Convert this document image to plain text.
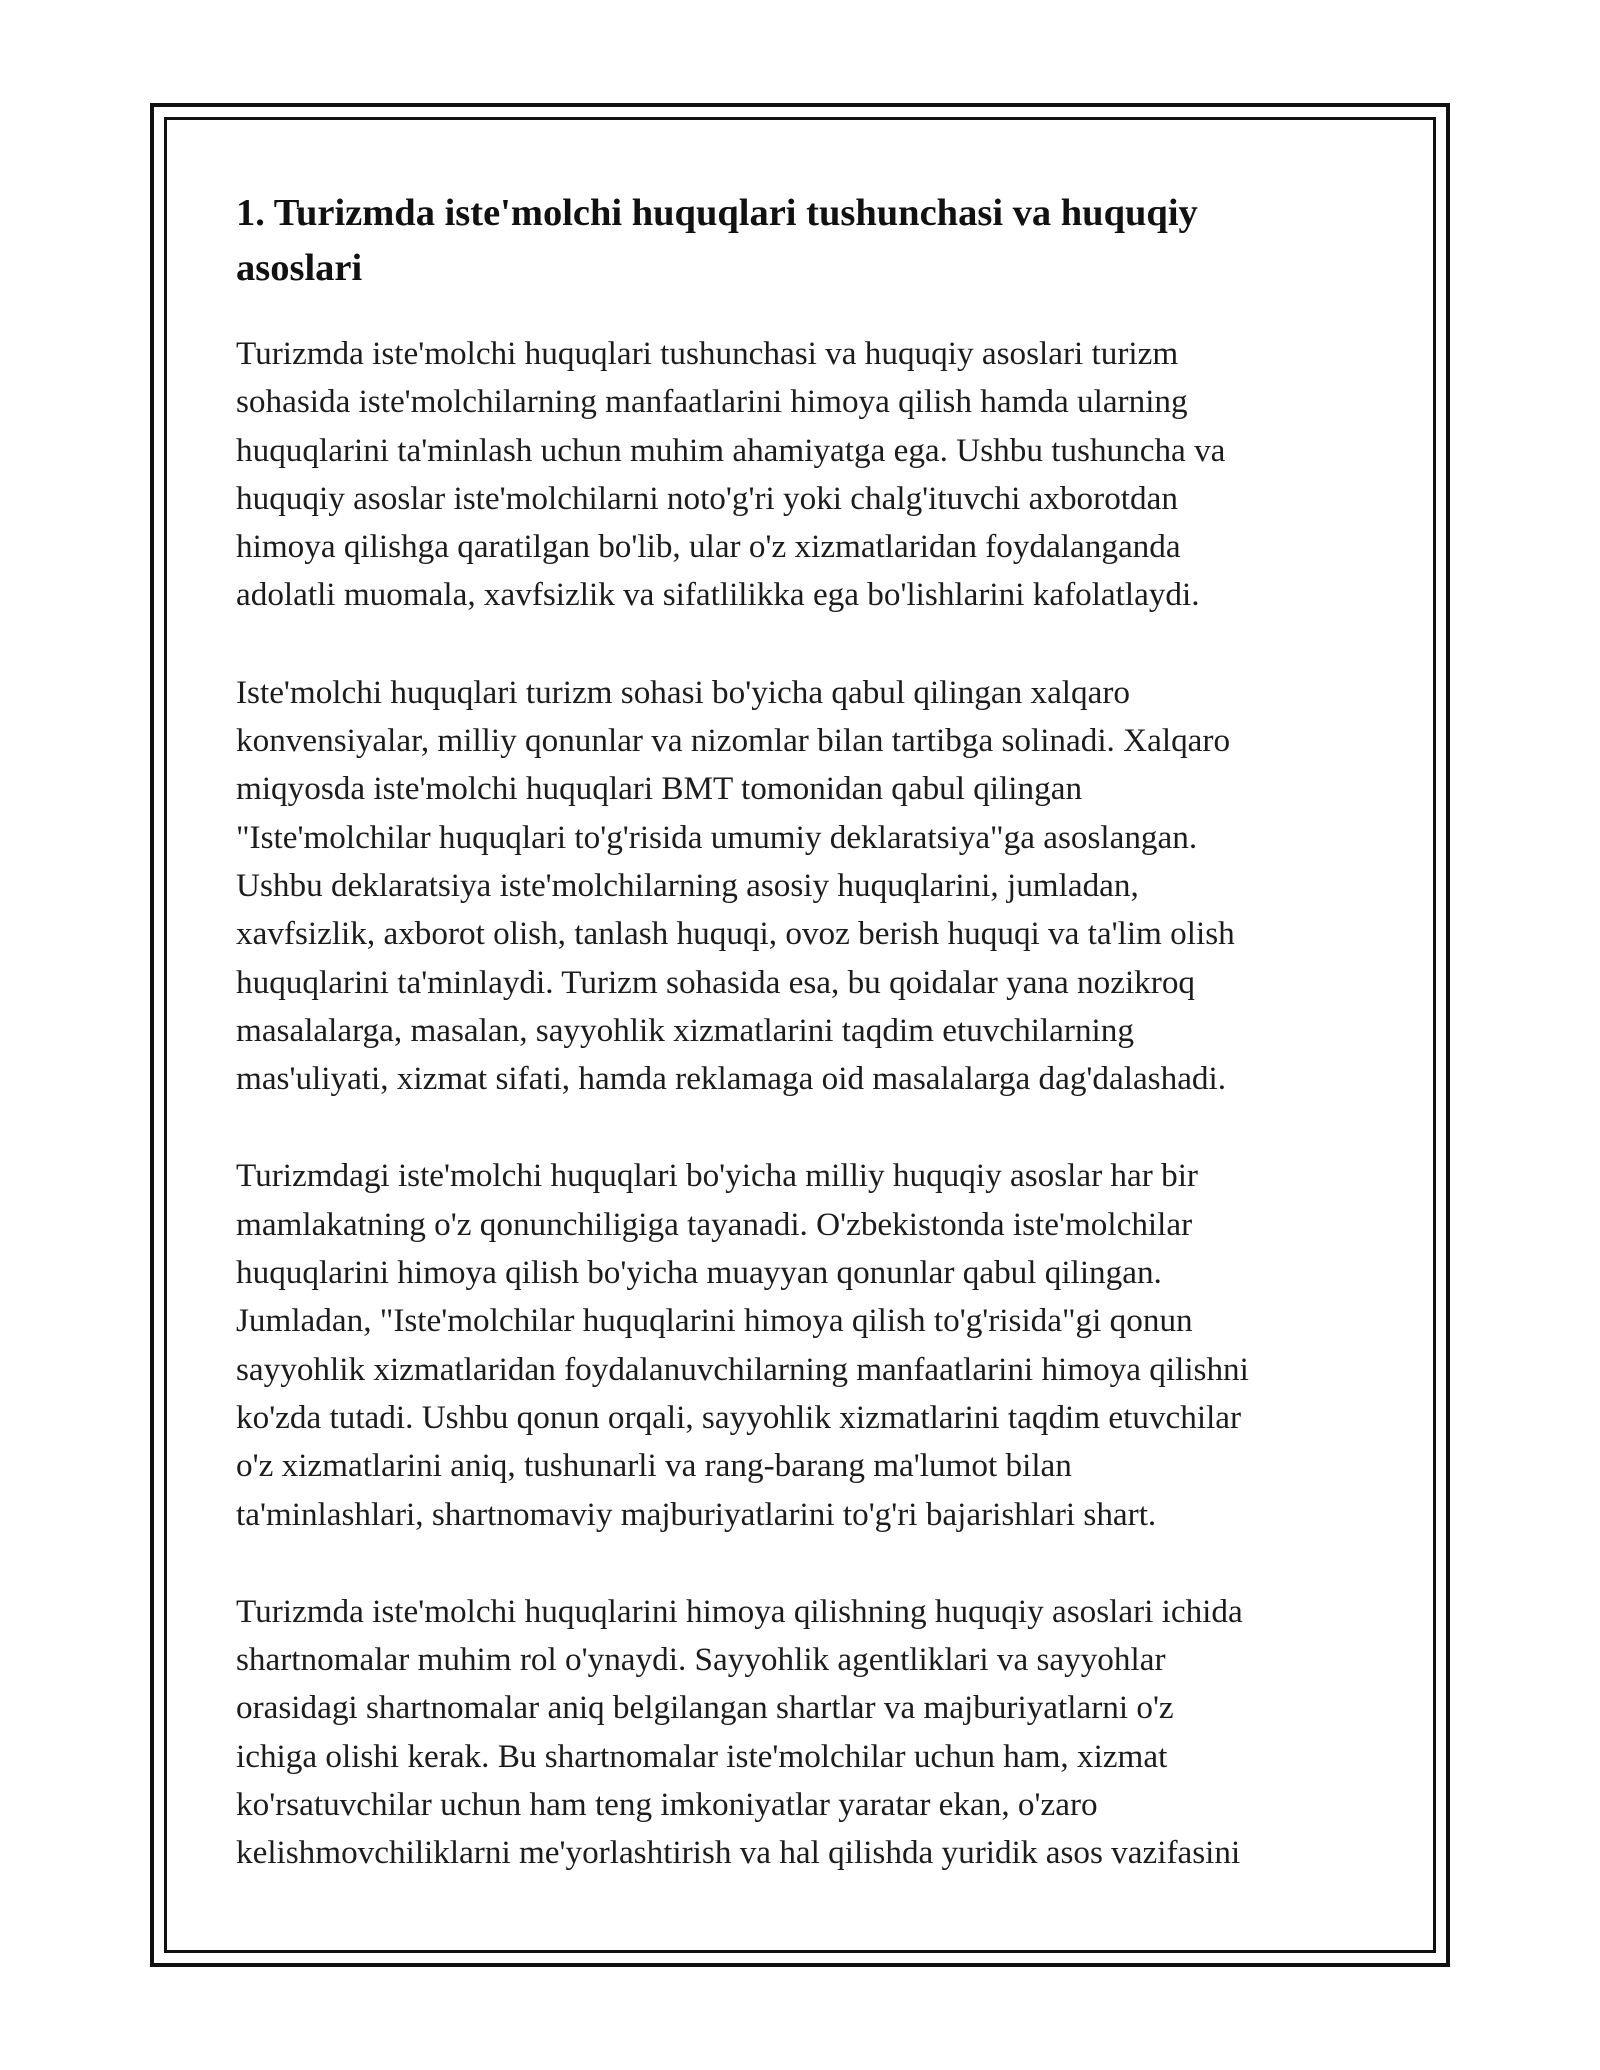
1. Turizmda iste'molchi huquqlari tushunchasi va huquqiy
asoslari

Turizmda iste'molchi huquqlari tushunchasi va huquqiy asoslari turizm
sohasida iste'molchilarning manfaatlarini himoya qilish hamda ularning
huquqlarini ta'minlash uchun muhim ahamiyatga ega. Ushbu tushuncha va
huquqiy asoslar iste'molchilarni noto'g'ri yoki chalg'ituvchi axborotdan
himoya qilishga qaratilgan bo'lib, ular o'z xizmatlaridan foydalanganda
adolatli muomala, xavfsizlik va sifatlilikka ega bo'lishlarini kafolatlaydi.

Iste'molchi huquqlari turizm sohasi bo'yicha qabul qilingan xalqaro
konvensiyalar, milliy qonunlar va nizomlar bilan tartibga solinadi. Xalqaro
miqyosda iste'molchi huquqlari BMT tomonidan qabul qilingan
"Iste'molchilar huquqlari to'g'risida umumiy deklaratsiya"ga asoslangan.
Ushbu deklaratsiya iste'molchilarning asosiy huquqlarini, jumladan,
xavfsizlik, axborot olish, tanlash huquqi, ovoz berish huquqi va ta'lim olish
huquqlarini ta'minlaydi. Turizm sohasida esa, bu qoidalar yana nozikroq
masalalarga, masalan, sayyohlik xizmatlarini taqdim etuvchilarning
mas'uliyati, xizmat sifati, hamda reklamaga oid masalalarga dag'dalashadi.

Turizmdagi iste'molchi huquqlari bo'yicha milliy huquqiy asoslar har bir
mamlakatning o'z qonunchiligiga tayanadi. O'zbekistonda iste'molchilar
huquqlarini himoya qilish bo'yicha muayyan qonunlar qabul qilingan.
Jumladan, "Iste'molchilar huquqlarini himoya qilish to'g'risida"gi qonun
sayyohlik xizmatlaridan foydalanuvchilarning manfaatlarini himoya qilishni
ko'zda tutadi. Ushbu qonun orqali, sayyohlik xizmatlarini taqdim etuvchilar
o'z xizmatlarini aniq, tushunarli va rang-barang ma'lumot bilan
ta'minlashlari, shartnomaviy majburiyatlarini to'g'ri bajarishlari shart.

Turizmda iste'molchi huquqlarini himoya qilishning huquqiy asoslari ichida
shartnomalar muhim rol o'ynaydi. Sayyohlik agentliklari va sayyohlar
orasidagi shartnomalar aniq belgilangan shartlar va majburiyatlarni o'z
ichiga olishi kerak. Bu shartnomalar iste'molchilar uchun ham, xizmat
ko'rsatuvchilar uchun ham teng imkoniyatlar yaratar ekan, o'zaro
kelishmovchiliklarni me'yorlashtirish va hal qilishda yuridik asos vazifasini
